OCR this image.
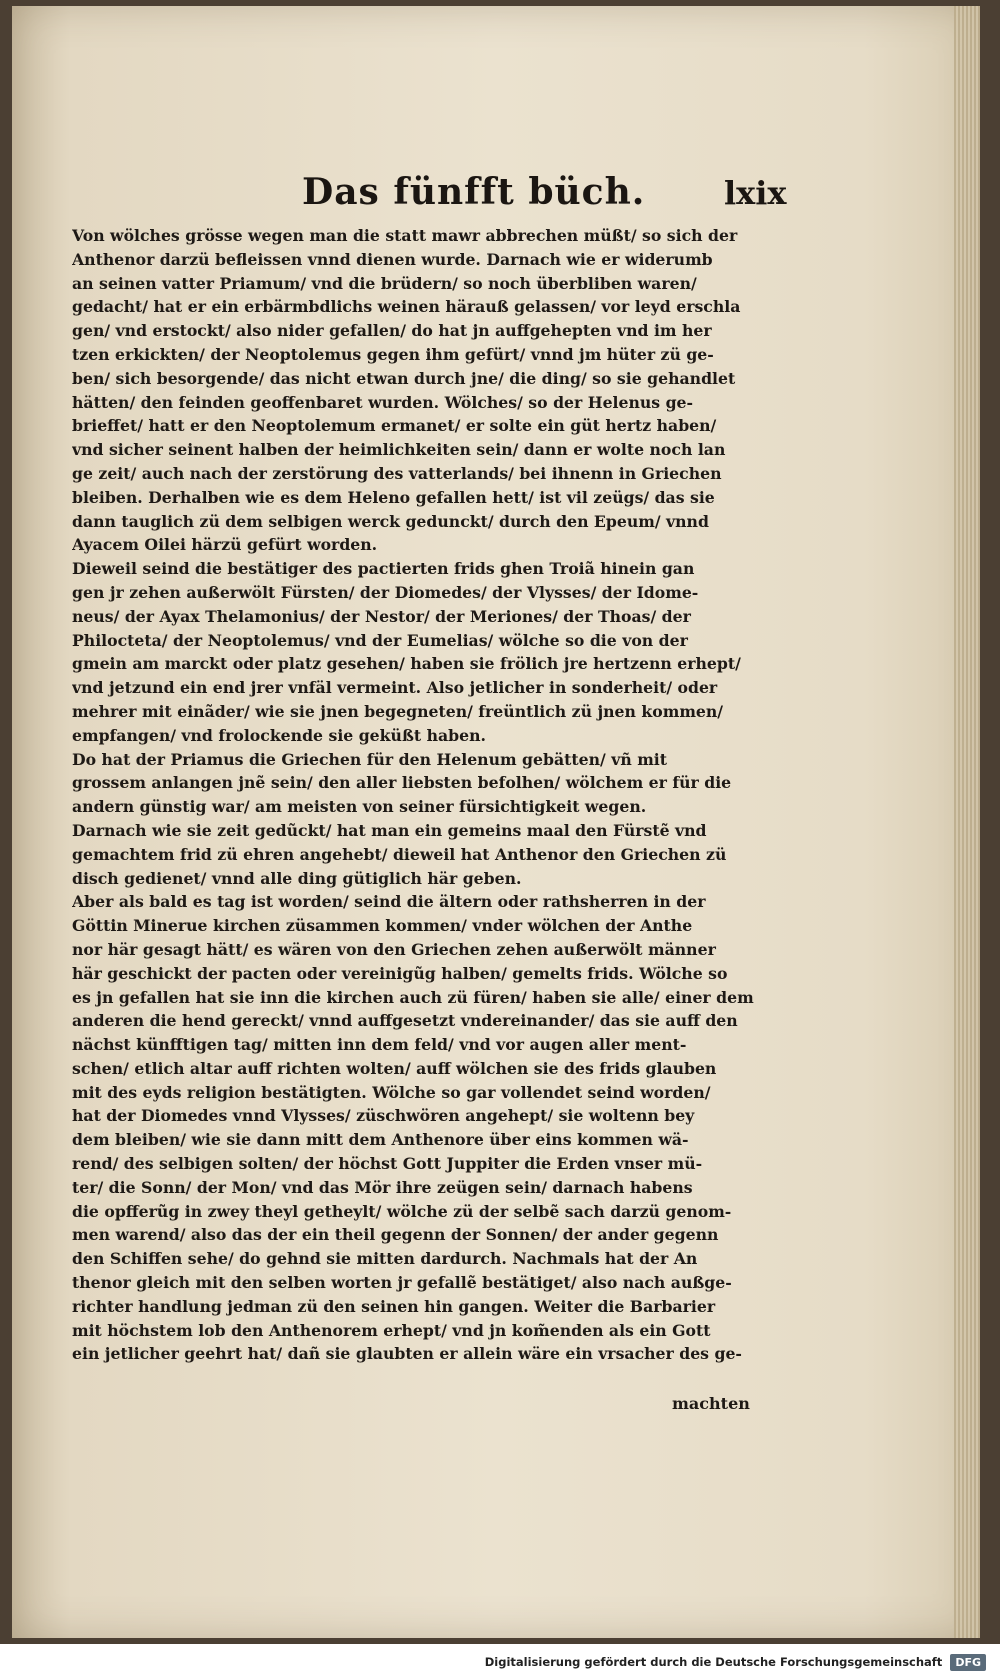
Das fünfft büch. lxix
Von wölches grösse wegen man die statt mawr abbrechen müßt/ so sich der
Anthenor darzü befleissen vnnd dienen wurde. Darnach wie er widerumb
an seinen vatter Priamum/ vnd die brüdern/ so noch überbliben waren/
gedacht/ hat er ein erbärmbdlichs weinen härauß gelassen/ vor leyd erschla
gen/ vnd erstockt/ also nider gefallen/ do hat jn auffgehepten vnd im her
tzen erkickten/ der Neoptolemus gegen ihm gefürt/ vnnd jm hüter zü ge-
ben/ sich besorgende/ das nicht etwan durch jne/ die ding/ so sie gehandlet
hätten/ den feinden geoffenbaret wurden. Wölches/ so der Helenus ge-
brieffet/ hatt er den Neoptolemum ermanet/ er solte ein güt hertz haben/
vnd sicher seinent halben der heimlichkeiten sein/ dann er wolte noch lan
ge zeit/ auch nach der zerstörung des vatterlands/ bei ihnenn in Griechen
bleiben. Derhalben wie es dem Heleno gefallen hett/ ist vil zeügs/ das sie
dann tauglich zü dem selbigen werck gedunckt/ durch den Epeum/ vnnd
Ayacem Oilei härzü gefürt worden.
Dieweil seind die bestätiger des pactierten frids ghen Troiã hinein gan
gen jr zehen außerwölt Fürsten/ der Diomedes/ der Vlysses/ der Idome-
neus/ der Ayax Thelamonius/ der Nestor/ der Meriones/ der Thoas/ der
Philocteta/ der Neoptolemus/ vnd der Eumelias/ wölche so die von der
gmein am marckt oder platz gesehen/ haben sie frölich jre hertzenn erhept/
vnd jetzund ein end jrer vnfäl vermeint. Also jetlicher in sonderheit/ oder
mehrer mit einãder/ wie sie jnen begegneten/ freüntlich zü jnen kommen/
empfangen/ vnd frolockende sie geküßt haben.
Do hat der Priamus die Griechen für den Helenum gebätten/ vñ mit
grossem anlangen jnẽ sein/ den aller liebsten befolhen/ wölchem er für die
andern günstig war/ am meisten von seiner fürsichtigkeit wegen.
Darnach wie sie zeit gedũckt/ hat man ein gemeins maal den Fürstẽ vnd
gemachtem frid zü ehren angehebt/ dieweil hat Anthenor den Griechen zü
disch gedienet/ vnnd alle ding gütiglich här geben.
Aber als bald es tag ist worden/ seind die ältern oder rathsherren in der
Göttin Minerue kirchen züsammen kommen/ vnder wölchen der Anthe
nor här gesagt hätt/ es wären von den Griechen zehen außerwölt männer
här geschickt der pacten oder vereinigũg halben/ gemelts frids. Wölche so
es jn gefallen hat sie inn die kirchen auch zü füren/ haben sie alle/ einer dem
anderen die hend gereckt/ vnnd auffgesetzt vndereinander/ das sie auff den
nächst künfftigen tag/ mitten inn dem feld/ vnd vor augen aller ment-
schen/ etlich altar auff richten wolten/ auff wölchen sie des frids glauben
mit des eyds religion bestätigten. Wölche so gar vollendet seind worden/
hat der Diomedes vnnd Vlysses/ züschwören angehept/ sie woltenn bey
dem bleiben/ wie sie dann mitt dem Anthenore über eins kommen wä-
rend/ des selbigen solten/ der höchst Gott Juppiter die Erden vnser mü-
ter/ die Sonn/ der Mon/ vnd das Mör ihre zeügen sein/ darnach habens
die opfferũg in zwey theyl getheylt/ wölche zü der selbẽ sach darzü genom-
men warend/ also das der ein theil gegenn der Sonnen/ der ander gegenn
den Schiffen sehe/ do gehnd sie mitten dardurch. Nachmals hat der An
thenor gleich mit den selben worten jr gefallẽ bestätiget/ also nach außge-
richter handlung jedman zü den seinen hin gangen. Weiter die Barbarier
mit höchstem lob den Anthenorem erhept/ vnd jn kom̃enden als ein Gott
ein jetlicher geehrt hat/ dañ sie glaubten er allein wäre ein vrsacher des ge-
machten
Digitalisierung gefördert durch die Deutsche Forschungsgemeinschaft	DFG
